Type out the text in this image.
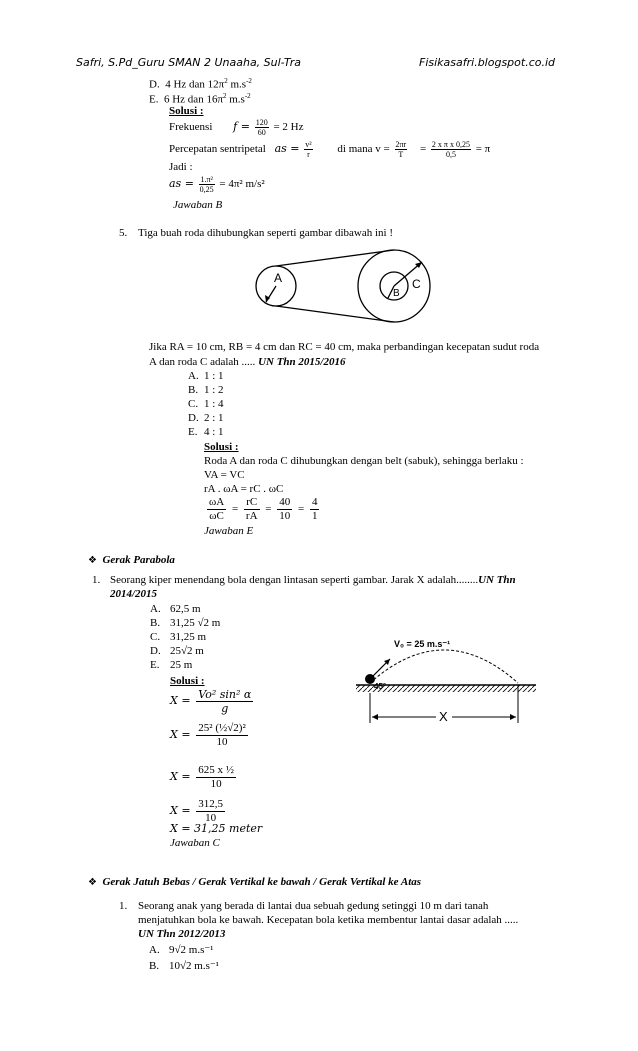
Safri, S.Pd_Guru SMAN 2 Unaaha, Sul-Tra	Fisikasafri.blogspot.co.id
D. 4 Hz dan $12\pi^2$ $m.s^{-2}$
E. 6 Hz dan $16\pi^2$ $m.s^{-2}$
Solusi :
Frekuensi $f = \frac{120}{60} = 2$ Hz
Percepatan sentripetal as = $\frac{\text{v²}}{r}$ di mana $v = \frac{2\pi r}{T} = \frac{\text{2 x π x 0,25}}{0,5} = \pi$
Jadi :
as = $\frac{\text{1.π²}}{0,25} = 4\pi^2$ m/s²
Jawaban B
5. Tiga buah roda dihubungkan seperti gambar dibawah ini !
A
B
C
Jika RA = 10 cm, RB = 4 cm dan RC = 40 cm, maka perbandingan kecepatan sudut roda
A dan roda C adalah ..... UN Thn 2015/2016
A. 1 : 1
B. 1 : 2
C. 1 : 4
D. 2 : 1
E. 4 : 1
Solusi :
Roda A dan roda C dihubungkan dengan belt (sabuk), sehingga berlaku :
VA = VC
rA . ωA = rC . ωC
$\frac{\omega A}{\omega C} = \frac{rC}{rA} = \frac{40}{10} = \frac{4}{1}$
Jawaban E
❖ Gerak Parabola
1. Seorang kiper menendang bola dengan lintasan seperti gambar. Jarak X adalah........UN Thn
2014/2015
A. 62,5 m
B. 31,25 √2 m
C. 31,25 m
D. 25√2 m
E. 25 m
Solusi :
$X = \frac{\text{Vo² sin² α}}{g}$
$X = \frac{\text{25² (½√2)²}}{10}$
$X = \frac{\text{625 x ½}}{10}$
$X = \frac{312,5}{10}$
X = 31,25 meter
Jawaban C
45°
V₀ = 25 m.s⁻¹
X
❖ Gerak Jatuh Bebas / Gerak Vertikal ke bawah / Gerak Vertikal ke Atas
1. Seorang anak yang berada di lantai dua sebuah gedung setinggi 10 m dari tanah
menjatuhkan bola ke bawah. Kecepatan bola ketika membentur lantai dasar adalah .....
UN Thn 2012/2013
A. 9√2 m.s⁻¹
B. 10√2 m.s⁻¹
